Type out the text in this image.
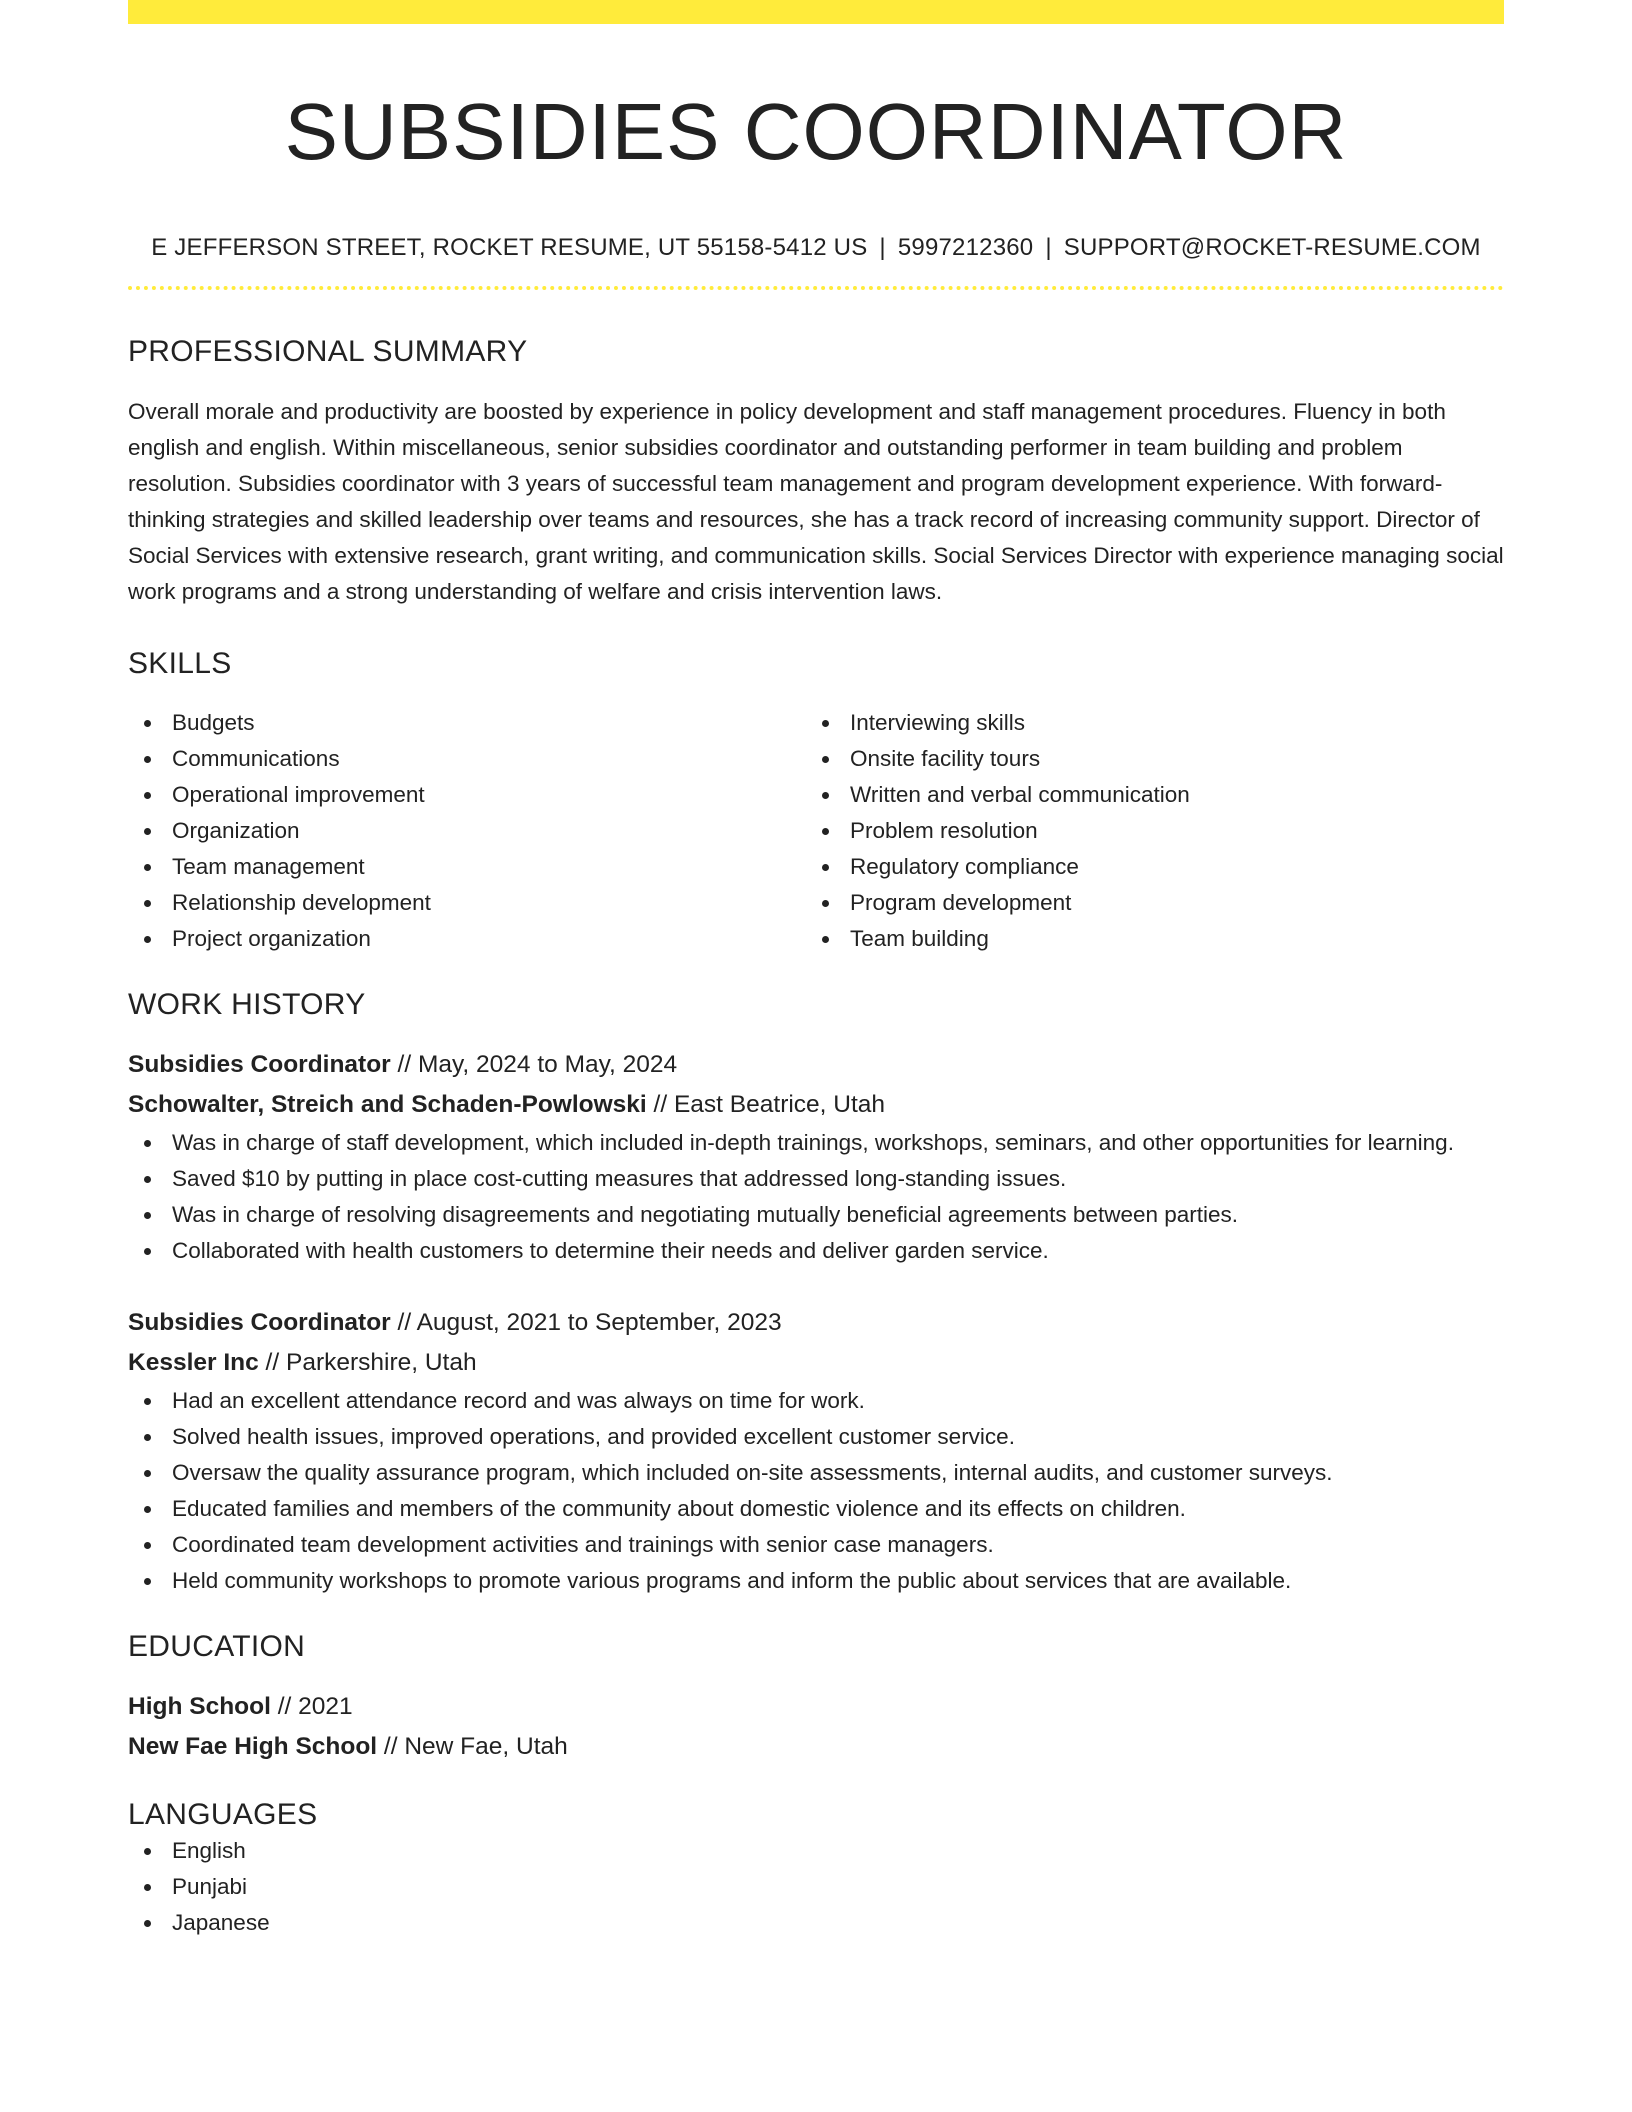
SUBSIDIES COORDINATOR
E JEFFERSON STREET, ROCKET RESUME, UT 55158-5412 US | 5997212360 | SUPPORT@ROCKET-RESUME.COM
PROFESSIONAL SUMMARY
Overall morale and productivity are boosted by experience in policy development and staff management procedures. Fluency in both english and english. Within miscellaneous, senior subsidies coordinator and outstanding performer in team building and problem resolution. Subsidies coordinator with 3 years of successful team management and program development experience. With forward-thinking strategies and skilled leadership over teams and resources, she has a track record of increasing community support. Director of Social Services with extensive research, grant writing, and communication skills. Social Services Director with experience managing social work programs and a strong understanding of welfare and crisis intervention laws.
SKILLS
Budgets
Communications
Operational improvement
Organization
Team management
Relationship development
Project organization
Interviewing skills
Onsite facility tours
Written and verbal communication
Problem resolution
Regulatory compliance
Program development
Team building
WORK HISTORY
Subsidies Coordinator // May, 2024 to May, 2024
Schowalter, Streich and Schaden-Powlowski // East Beatrice, Utah
Was in charge of staff development, which included in-depth trainings, workshops, seminars, and other opportunities for learning.
Saved $10 by putting in place cost-cutting measures that addressed long-standing issues.
Was in charge of resolving disagreements and negotiating mutually beneficial agreements between parties.
Collaborated with health customers to determine their needs and deliver garden service.
Subsidies Coordinator // August, 2021 to September, 2023
Kessler Inc // Parkershire, Utah
Had an excellent attendance record and was always on time for work.
Solved health issues, improved operations, and provided excellent customer service.
Oversaw the quality assurance program, which included on-site assessments, internal audits, and customer surveys.
Educated families and members of the community about domestic violence and its effects on children.
Coordinated team development activities and trainings with senior case managers.
Held community workshops to promote various programs and inform the public about services that are available.
EDUCATION
High School // 2021
New Fae High School // New Fae, Utah
LANGUAGES
English
Punjabi
Japanese
